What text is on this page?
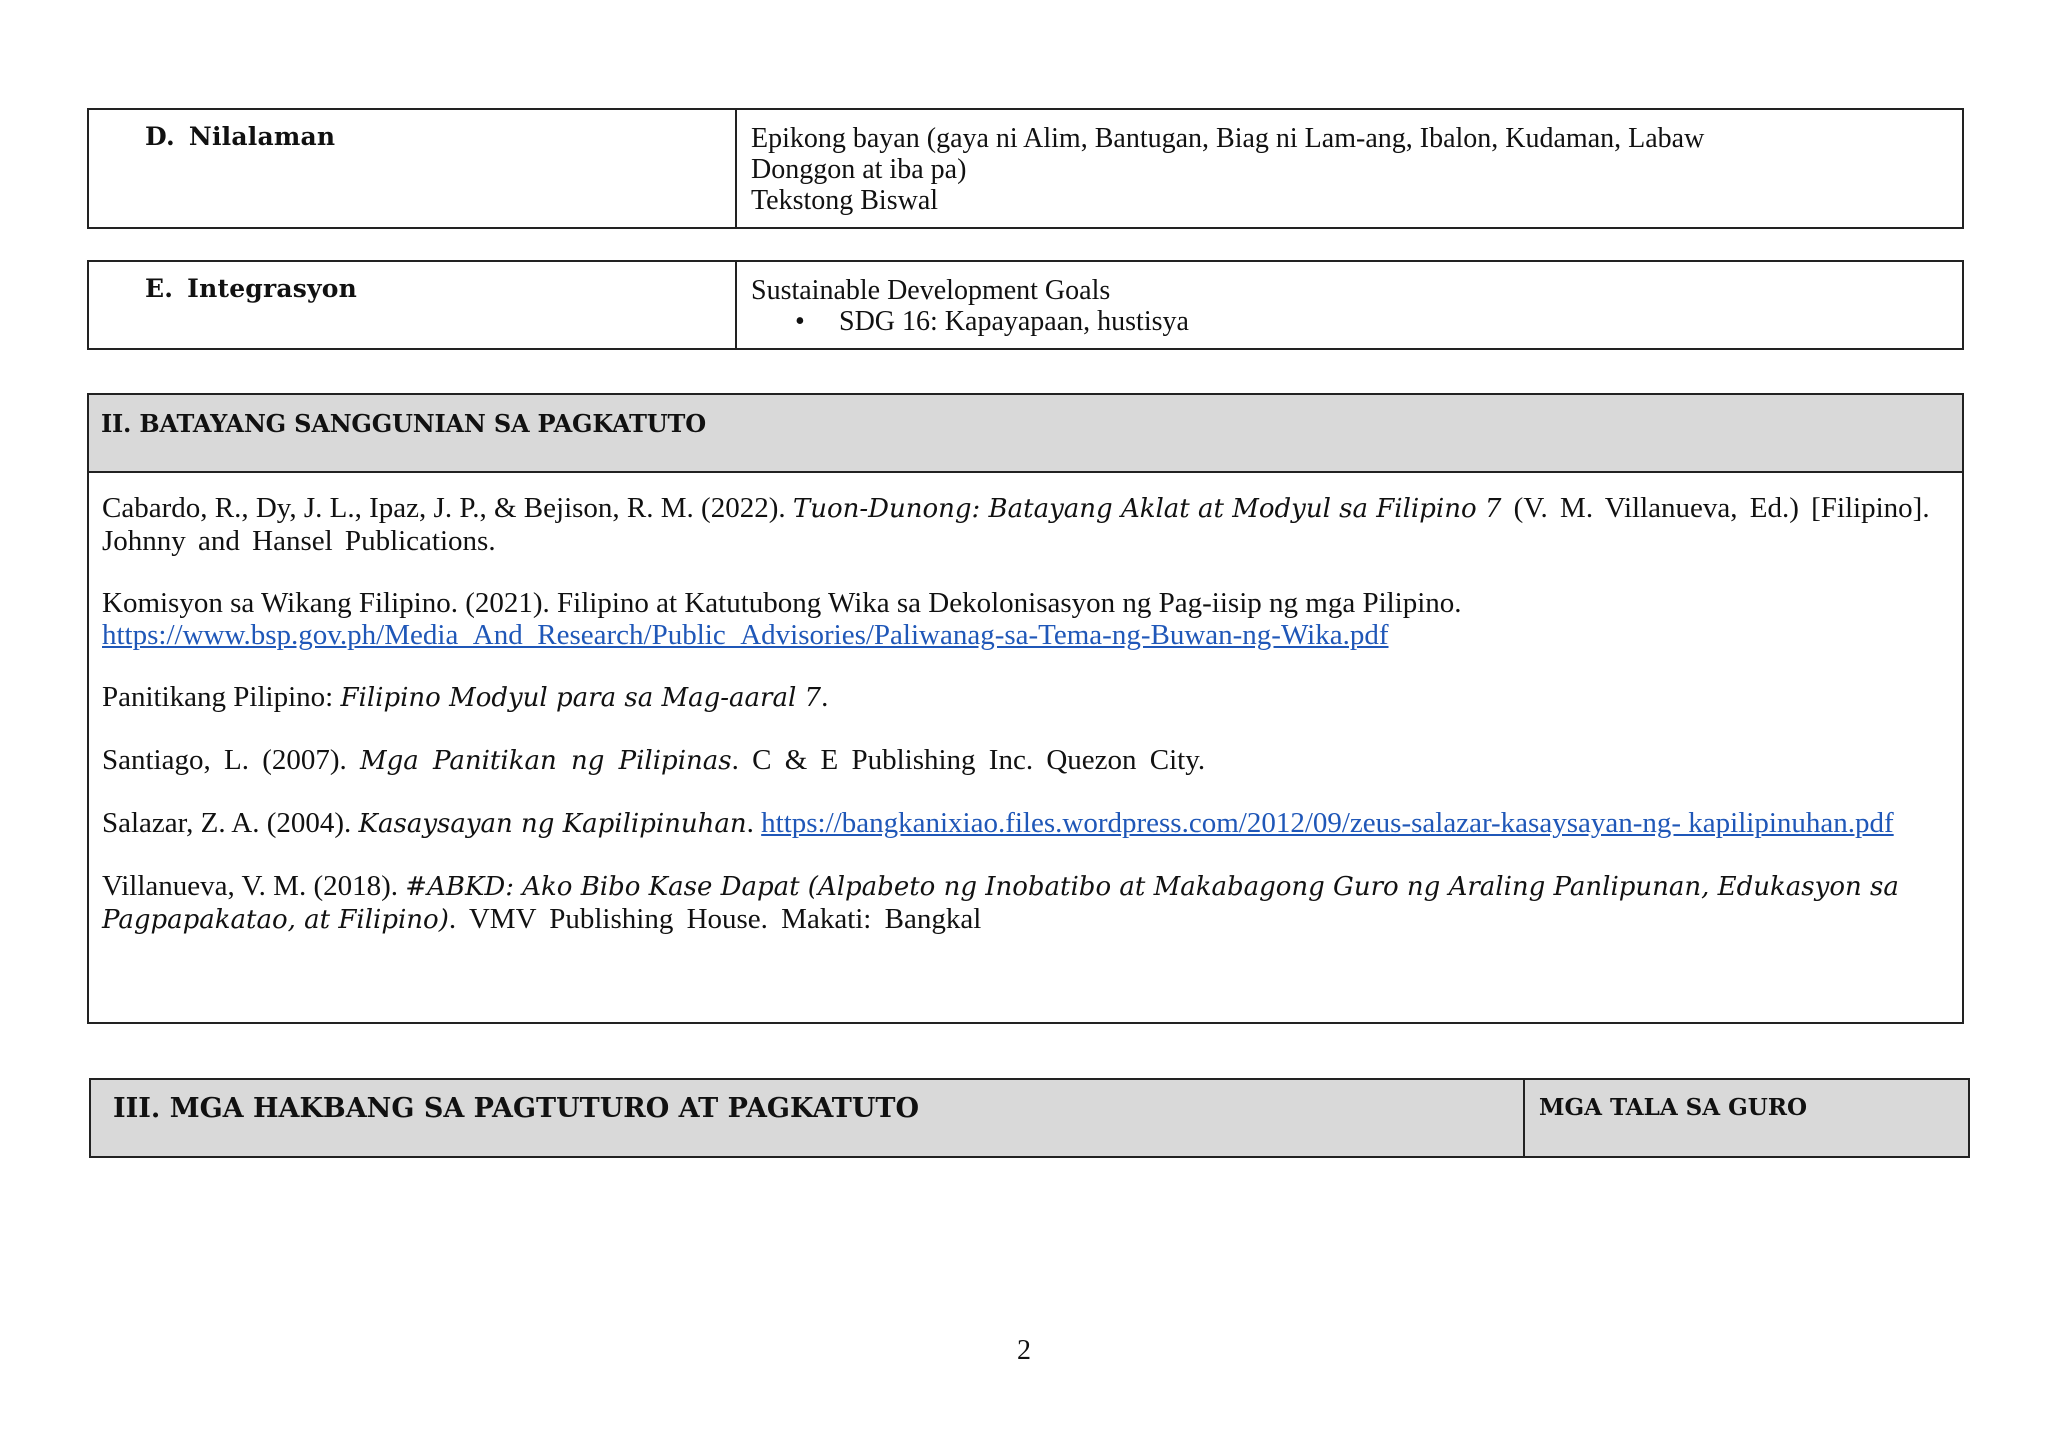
D. Nilalaman	Epikong bayan (gaya ni Alim, Bantugan, Biag ni Lam-ang, Ibalon, Kudaman, Labaw
Donggon at iba pa)
Tekstong Biswal
E. Integrasyon	Sustainable Development Goals
• SDG 16: Kapayapaan, hustisya
II. BATAYANG SANGGUNIAN SA PAGKATUTO

Cabardo, R., Dy, J. L., Ipaz, J. P., & Bejison, R. M. (2022). Tuon-Dunong: Batayang Aklat at Modyul sa Filipino 7 (V. M. Villanueva, Ed.) [Filipino]. Johnny and Hansel Publications.

Komisyon sa Wikang Filipino. (2021). Filipino at Katutubong Wika sa Dekolonisasyon ng Pag-iisip ng mga Pilipino.
https://www.bsp.gov.ph/Media_And_Research/Public_Advisories/Paliwanag-sa-Tema-ng-Buwan-ng-Wika.pdf

Panitikang Pilipino: Filipino Modyul para sa Mag-aaral 7.

Santiago, L. (2007). Mga Panitikan ng Pilipinas. C & E Publishing Inc. Quezon City.

Salazar, Z. A. (2004). Kasaysayan ng Kapilipinuhan. https://bangkanixiao.files.wordpress.com/2012/09/zeus-salazar-kasaysayan-ng- kapilipinuhan.pdf

Villanueva, V. M. (2018). #ABKD: Ako Bibo Kase Dapat (Alpabeto ng Inobatibo at Makabagong Guro ng Araling Panlipunan, Edukasyon sa Pagpapakatao, at Filipino). VMV Publishing House. Makati: Bangkal

III. MGA HAKBANG SA PAGTUTURO AT PAGKATUTO	MGA TALA SA GURO
2
